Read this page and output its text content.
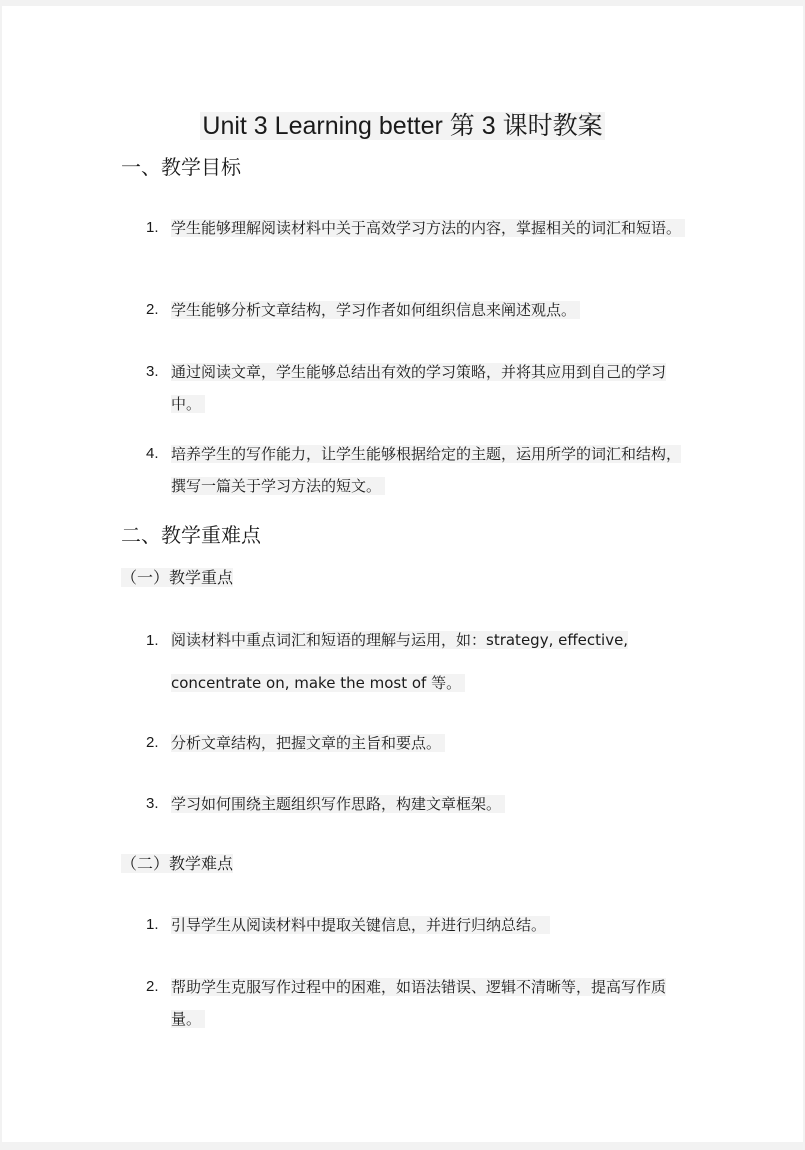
Unit 3 Learning better 第 3 课时教案
一、教学目标
1. 学生能够理解阅读材料中关于高效学习方法的内容，掌握相关的词汇和短语。
2. 学生能够分析文章结构，学习作者如何组织信息来阐述观点。
3. 通过阅读文章，学生能够总结出有效的学习策略，并将其应用到自己的学习中。
4. 培养学生的写作能力，让学生能够根据给定的主题，运用所学的词汇和结构，撰写一篇关于学习方法的短文。
二、教学重难点
（一）教学重点
1. 阅读材料中重点词汇和短语的理解与运用，如：strategy, effective, concentrate on, make the most of 等。
2. 分析文章结构，把握文章的主旨和要点。
3. 学习如何围绕主题组织写作思路，构建文章框架。
（二）教学难点
1. 引导学生从阅读材料中提取关键信息，并进行归纳总结。
2. 帮助学生克服写作过程中的困难，如语法错误、逻辑不清晰等，提高写作质量。
